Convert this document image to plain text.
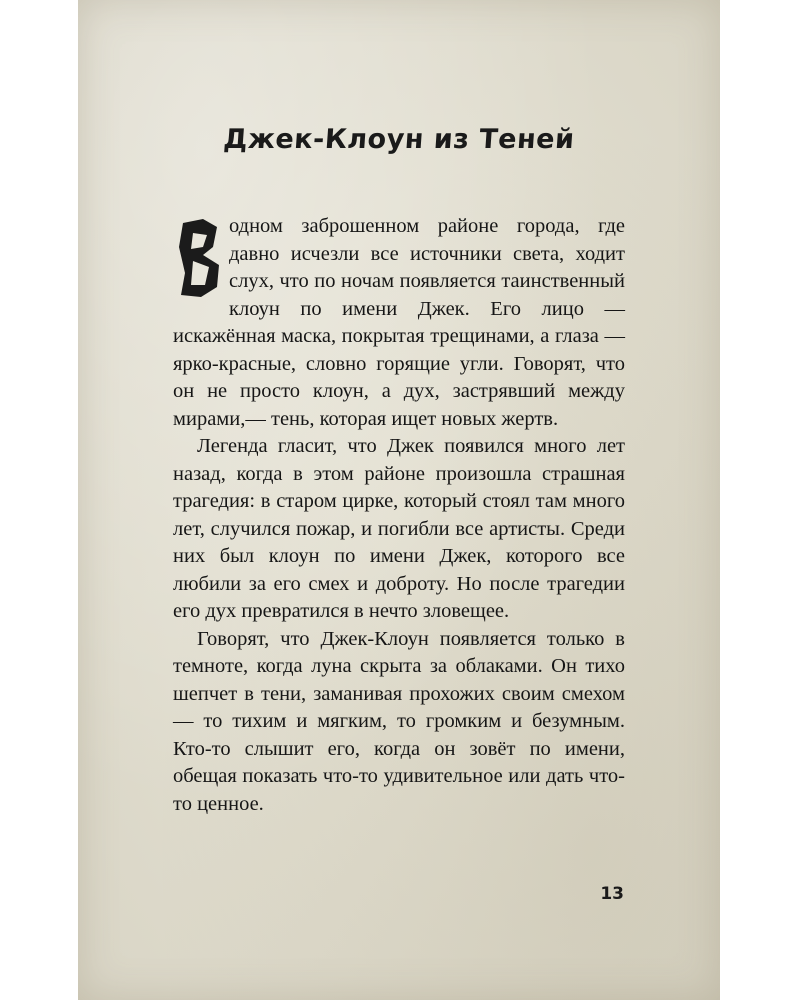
Джек-Клоун из Теней

В	одном заброшенном районе города, где давно исчезли все источники света, ходит слух, что по ночам появляется таинственный клоун по имени Джек. Его лицо — искажённая маска, покрытая трещинами, а глаза — ярко-красные, словно горящие угли. Говорят, что он не просто клоун, а дух, застрявший между мирами,— тень, которая ищет новых жертв.

Легенда гласит, что Джек появился много лет назад, когда в этом районе произошла страшная трагедия: в старом цирке, который стоял там много лет, случился пожар, и погибли все артисты. Среди них был клоун по имени Джек, которого все любили за его смех и доброту. Но после трагедии его дух превратился в нечто зловещее.

Говорят, что Джек-Клоун появляется только в темноте, когда луна скрыта за облаками. Он тихо шепчет в тени, заманивая прохожих своим смехом — то тихим и мягким, то громким и безумным. Кто-то слышит его, когда он зовёт по имени, обещая показать что-то удивительное или дать что-то ценное.

13
